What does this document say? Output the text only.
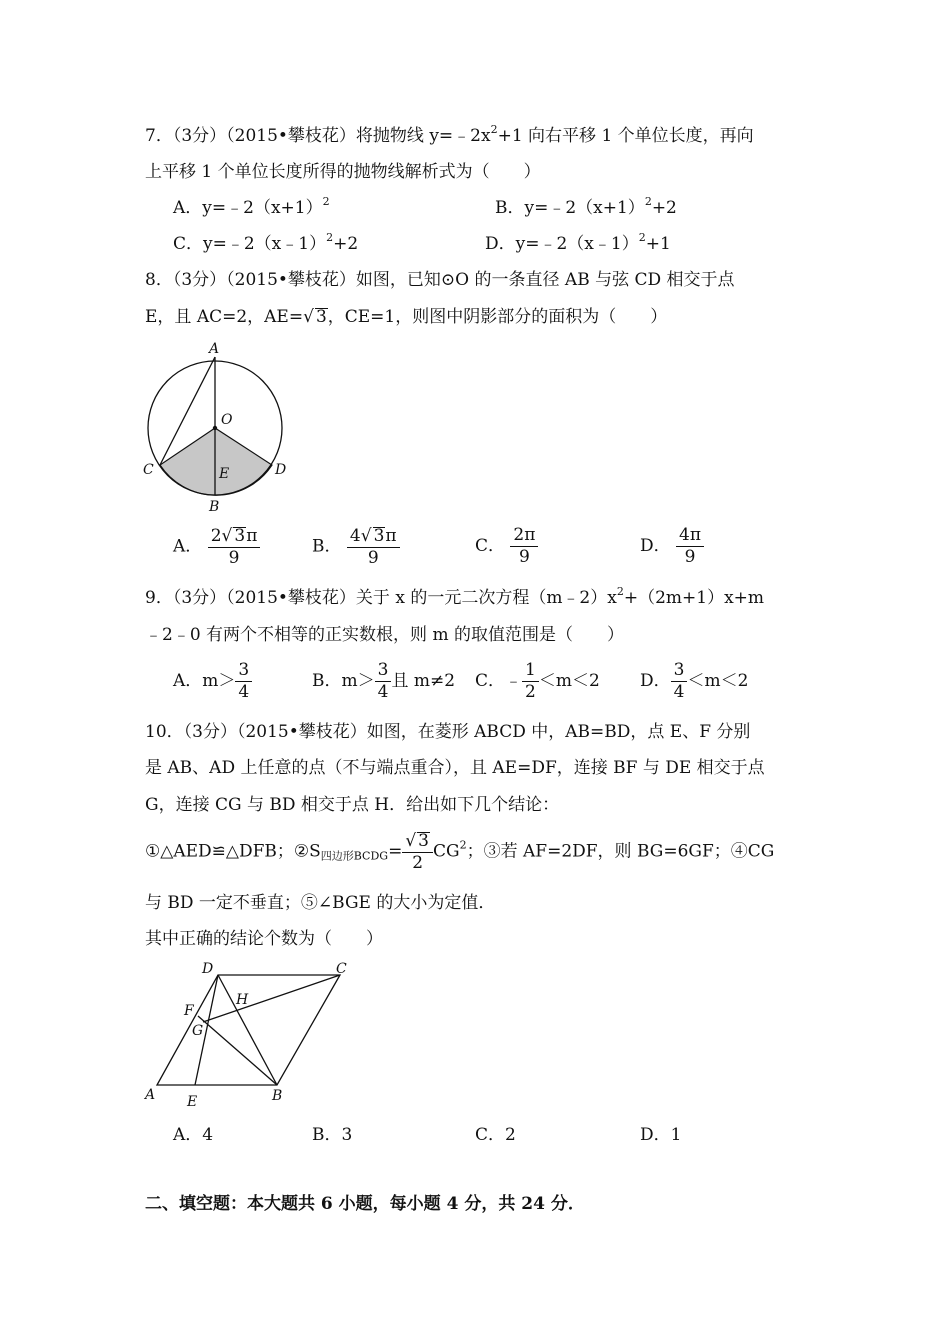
7．（3分）（2015•攀枝花）将抛物线 $y=﹣2x^2+1$ 向右平移 1 个单位长度，再向
上平移 1 个单位长度所得的抛物线解析式为（　　）
A．$y=﹣2(x+1)^2$	B．$y=﹣2(x+1)^2+2$
C．y=﹣2（x﹣1）$^2$+2	D．y=﹣2（x﹣1）$^2$+1
8．（3分）（2015•攀枝花）如图，已知⊙O 的一条直径 AB 与弦 CD 相交于点
E，且 AC=2，AE= √ 3，CE=1，则图中阴影部分的面积为（　　）
A
O
C	E	D
B
A． $\frac{2 √ 3\pi}{9}$	B． $\frac{4 √ 3\pi}{9}$	C． $\frac{2\pi}{9}$	D． $\frac{4\pi}{9}$
9．（3分）（2015•攀枝花）关于 x 的一元二次方程$(m﹣2)x^2+(2m+1)x+m$
﹣2﹣0 有两个不相等的正实数根，则 m 的取值范围是（　　）
A．$m> \frac{3}{4}$	B．$m> \frac{3}{4}$ 且 m≠2 C．﹣ $\frac{1}{2} <m<2$ D． $\frac{3}{4} <m<2$
10．（3分）（2015•攀枝花）如图，在菱形 ABCD 中，AB=BD，点 E、F 分别
是 AB、AD 上任意的点（不与端点重合），且 AE=DF，连接 BF 与 DE 相交于点
G，连接 CG 与 BD 相交于点 H．给出如下几个结论：
①△AED≌△DFB；$②S_{四边形BCDG}=$ √ $\frac{3}{2} CG^2$；③若 AF=2DF，则 BG=6GF；④CG
与 BD 一定不垂直；⑤∠BGE 的大小为定值．
其中正确的结论个数为（　　）
D	C
F
H
G
A E	B
A．4	B．3	C．2	D．1
二、填空题：本大题共 6 小题，每小题 4 分，共 24 分．
